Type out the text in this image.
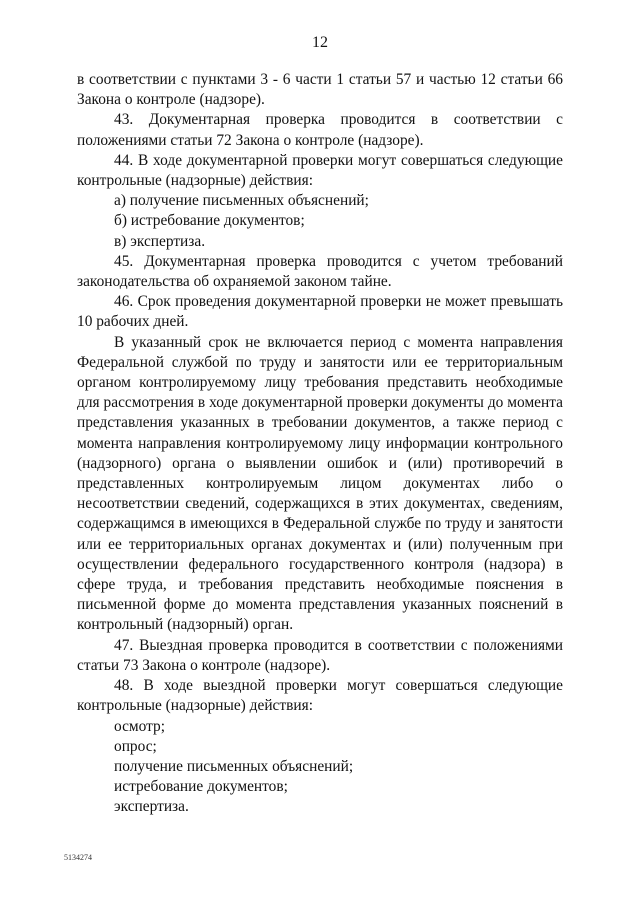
12

в соответствии с пунктами 3 - 6 части 1 статьи 57 и частью 12 статьи 66 Закона о контроле (надзоре).

43. Документарная проверка проводится в соответствии с положениями статьи 72 Закона о контроле (надзоре).

44. В ходе документарной проверки могут совершаться следующие контрольные (надзорные) действия:

а) получение письменных объяснений;

б) истребование документов;

в) экспертиза.

45. Документарная проверка проводится с учетом требований законодательства об охраняемой законом тайне.

46. Срок проведения документарной проверки не может превышать 10 рабочих дней.

В указанный срок не включается период с момента направления Федеральной службой по труду и занятости или ее территориальным органом контролируемому лицу требования представить необходимые для рассмотрения в ходе документарной проверки документы до момента представления указанных в требовании документов, а также период с момента направления контролируемому лицу информации контрольного (надзорного) органа о выявлении ошибок и (или) противоречий в представленных контролируемым лицом документах либо о несоответствии сведений, содержащихся в этих документах, сведениям, содержащимся в имеющихся в Федеральной службе по труду и занятости или ее территориальных органах документах и (или) полученным при осуществлении федерального государственного контроля (надзора) в сфере труда, и требования представить необходимые пояснения в письменной форме до момента представления указанных пояснений в контрольный (надзорный) орган.

47. Выездная проверка проводится в соответствии с положениями статьи 73 Закона о контроле (надзоре).

48. В ходе выездной проверки могут совершаться следующие контрольные (надзорные) действия:

осмотр;

опрос;

получение письменных объяснений;

истребование документов;

экспертиза.

5134274
